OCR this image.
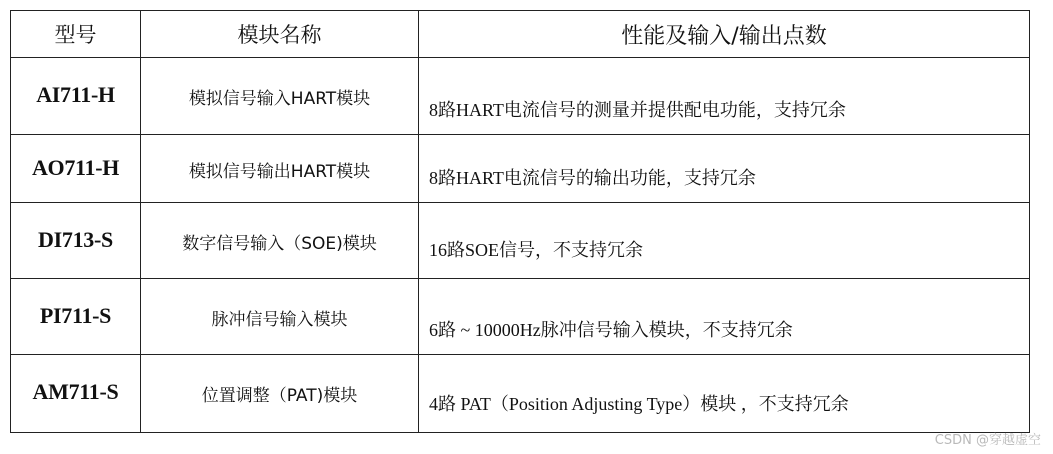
型号	模块名称	性能及输入/输出点数
AI711-H	模拟信号输入HART模块	8路HART电流信号的测量并提供配电功能，支持冗余
AO711-H	模拟信号输出HART模块	8路HART电流信号的输出功能，支持冗余
DI713-S	数字信号输入（SOE)模块	16路SOE信号，不支持冗余
PI711-S	脉冲信号输入模块	6路 ~ 10000Hz脉冲信号输入模块，不支持冗余
AM711-S	位置调整（PAT)模块	4路 PAT（Position Adjusting Type）模块 ，不支持冗余
CSDN @穿越虚空
